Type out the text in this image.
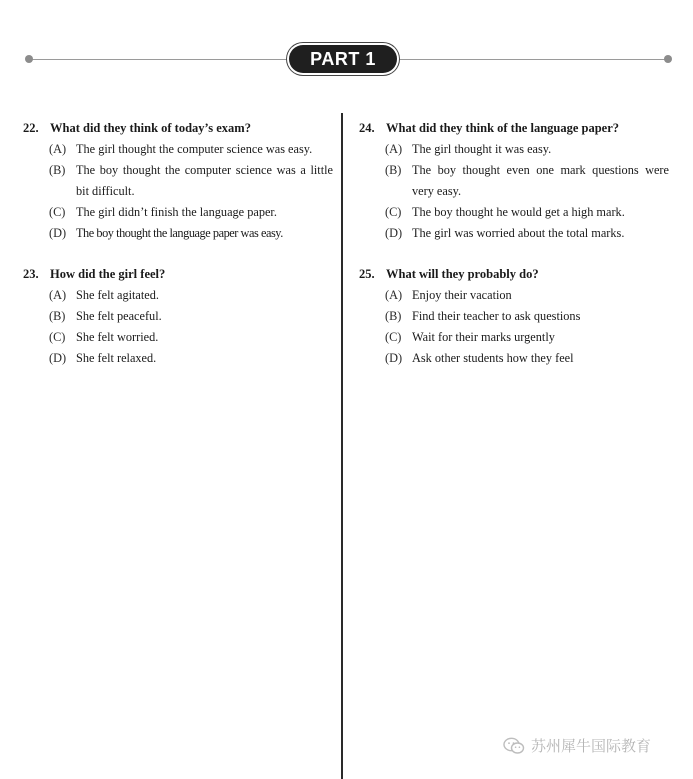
PART 1
22. What did they think of today’s exam?
(A) The girl thought the computer science was easy.
(B) The boy thought the computer science was a little bit difficult.
(C) The girl didn’t finish the language paper.
(D) The boy thought the language paper was easy.
23. How did the girl feel?
(A) She felt agitated.
(B) She felt peaceful.
(C) She felt worried.
(D) She felt relaxed.
24. What did they think of the language paper?
(A) The girl thought it was easy.
(B) The boy thought even one mark questions were very easy.
(C) The boy thought he would get a high mark.
(D) The girl was worried about the total marks.
25. What will they probably do?
(A) Enjoy their vacation
(B) Find their teacher to ask questions
(C) Wait for their marks urgently
(D) Ask other students how they feel
苏州犀牛国际教育
